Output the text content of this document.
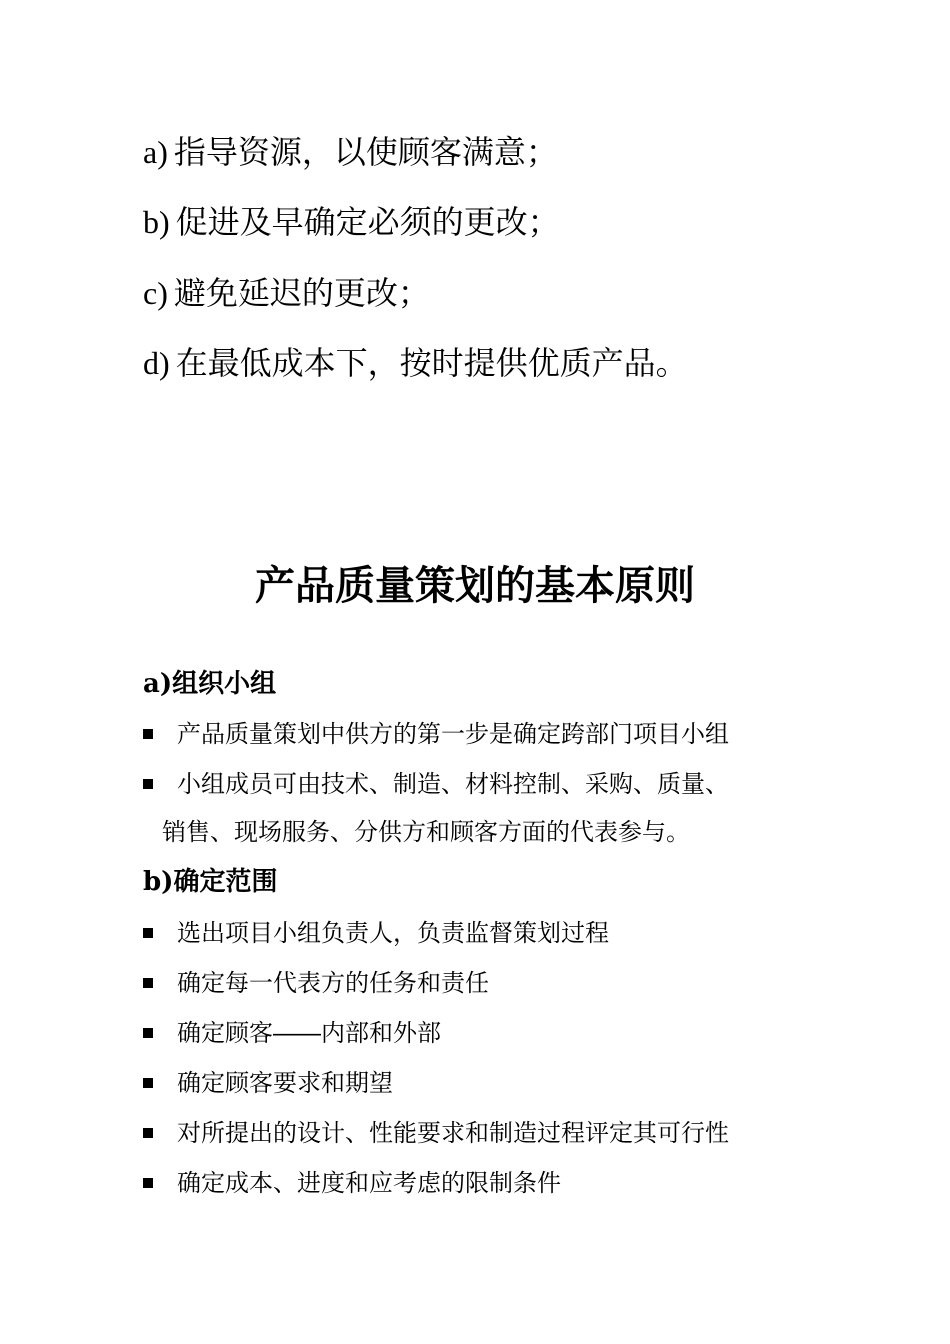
a) 指导资源，以使顾客满意；
b) 促进及早确定必须的更改；
c) 避免延迟的更改；
d) 在最低成本下，按时提供优质产品。
产品质量策划的基本原则
a)组织小组
产品质量策划中供方的第一步是确定跨部门项目小组
小组成员可由技术、制造、材料控制、采购、质量、
销售、现场服务、分供方和顾客方面的代表参与。
b)确定范围
选出项目小组负责人，负责监督策划过程
确定每一代表方的任务和责任
确定顾客――内部和外部
确定顾客要求和期望
对所提出的设计、性能要求和制造过程评定其可行性
确定成本、进度和应考虑的限制条件
